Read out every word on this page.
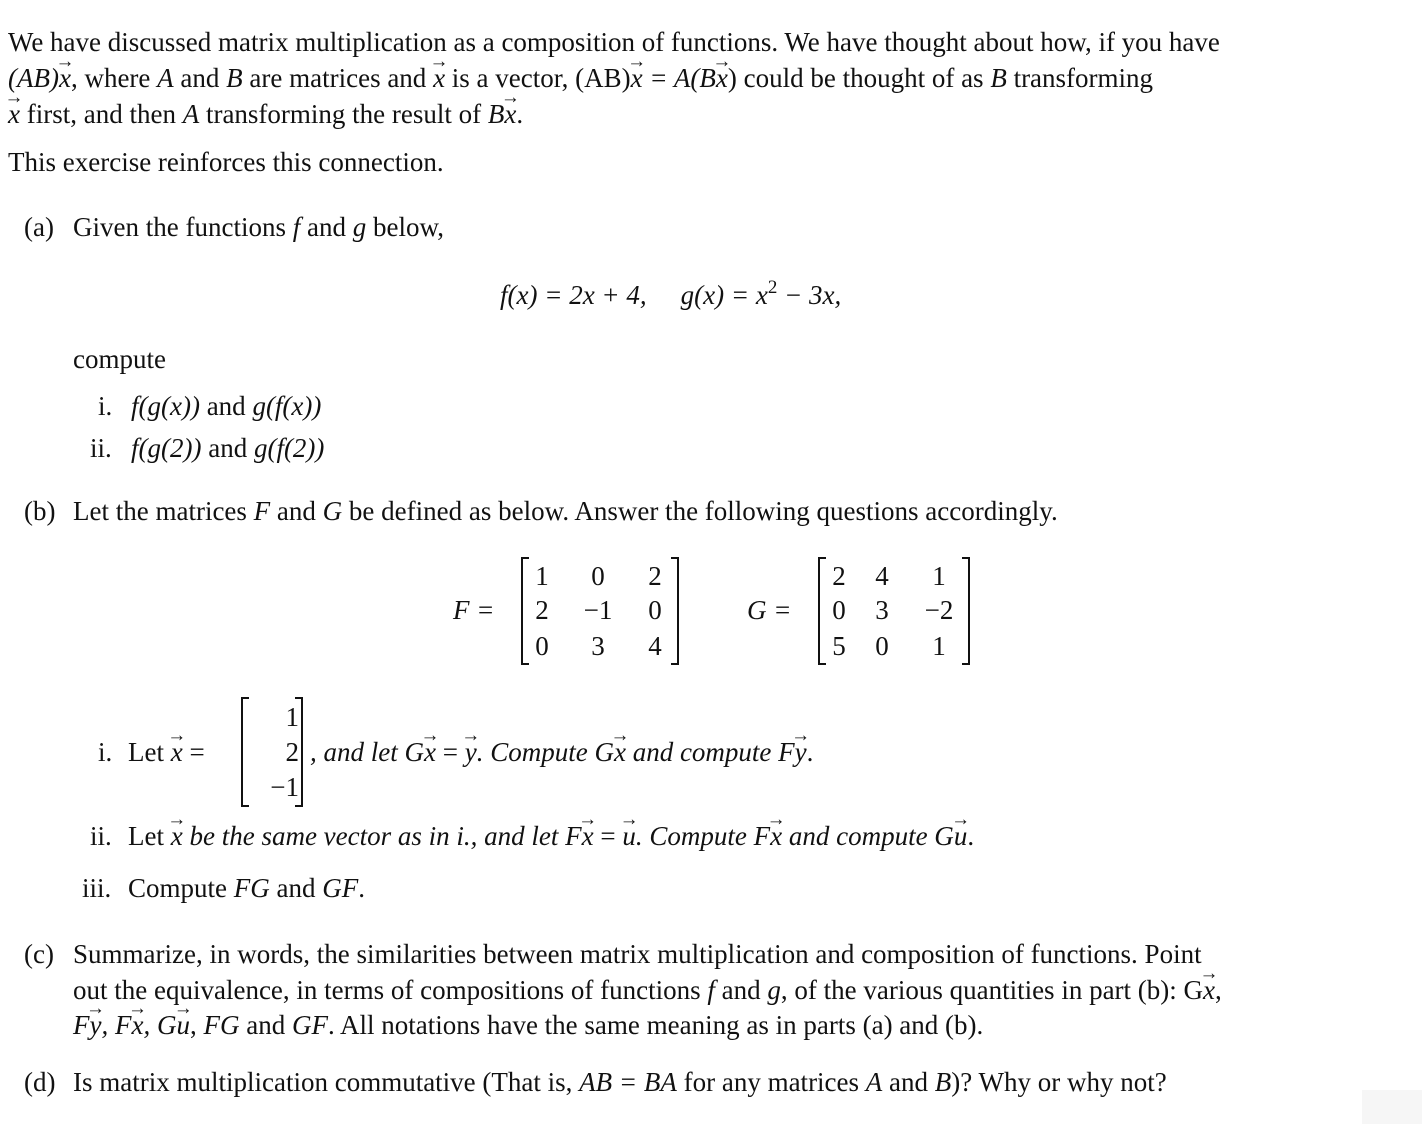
We have discussed matrix multiplication as a composition of functions. We have thought about how, if you have
(AB)→ x, where A and B are matrices and → x is a vector, (AB)→ x = A(B→ x) could be thought of as B transforming
→ x first, and then A transforming the result of B→ x.
This exercise reinforces this connection.
(a) Given the functions f and g below,
f(x) = 2x + 4, $g(x) = x^2 - 3x$,
compute
i. f(g(x)) and g(f(x))
ii. f(g(2)) and g(f(2))
(b) Let the matrices F and G be defined as below. Answer the following questions accordingly.
F =
1	0	2
2	−1	0
0	3	4
G =
2	4	1
0	3	−2
5	0	1
i. Let → x =
1
2
−1
, and let G→ x = → y. Compute G→ x and compute F→ y.
ii. Let → x be the same vector as in i., and let F→ x = → u. Compute F→ x and compute G→ u.
iii. Compute FG and GF.
(c) Summarize, in words, the similarities between matrix multiplication and composition of functions. Point
out the equivalence, in terms of compositions of functions f and g, of the various quantities in part (b): G→ x,
F→ y, F→ x, G→ u, FG and GF. All notations have the same meaning as in parts (a) and (b).
(d) Is matrix multiplication commutative (That is, AB = BA for any matrices A and B)? Why or why not?
